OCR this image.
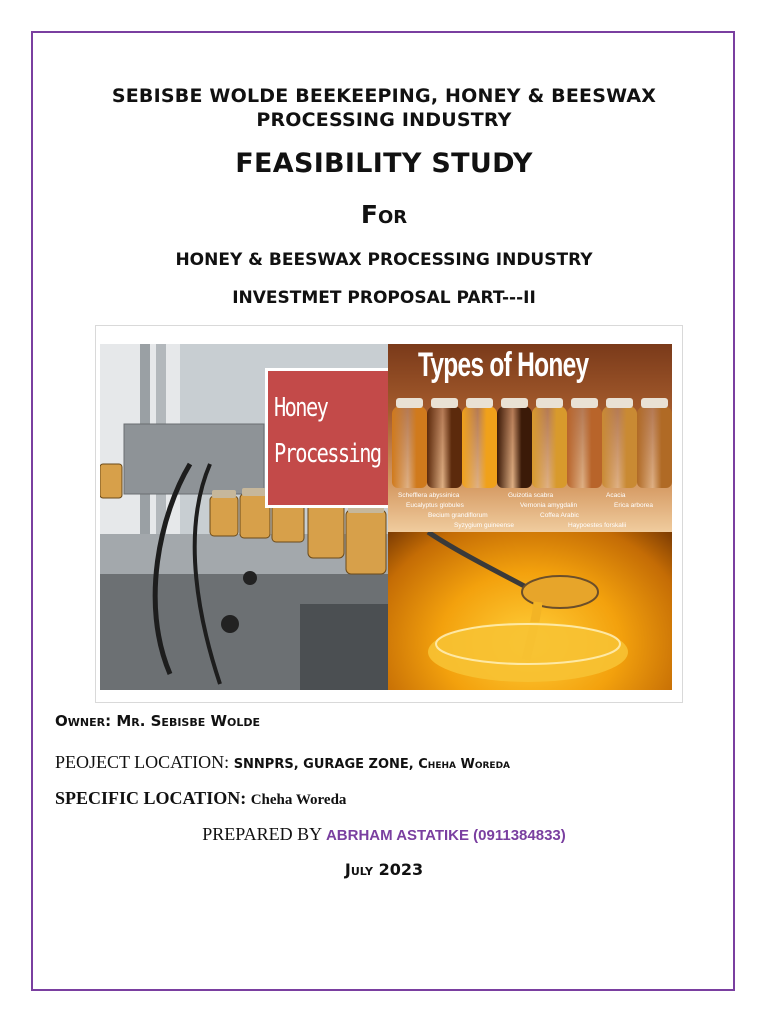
SEBISBE WOLDE BEEKEEPING, HONEY & BEESWAX
PROCESSING INDUSTRY
FEASIBILITY STUDY
For
HONEY & BEESWAX PROCESSING INDUSTRY
INVESTMET PROPOSAL PART---II
Honey
Processing
Types of Honey
Schefflera abyssinica	Guizotia scabra	Acacia
Eucalyptus globules	Vernonia amygdalin	Erica arborea
Becium grandiflorum	Coffea Arabic
Syzygium guineense	Haypoestes forskalii
Owner: Mr. Sebisbe Wolde
PEOJECT LOCATION: SNNPRS, GURAGE ZONE, Cheha Woreda
SPECIFIC LOCATION: Cheha Woreda
PREPARED BY ABRHAM ASTATIKE (0911384833)
July 2023
